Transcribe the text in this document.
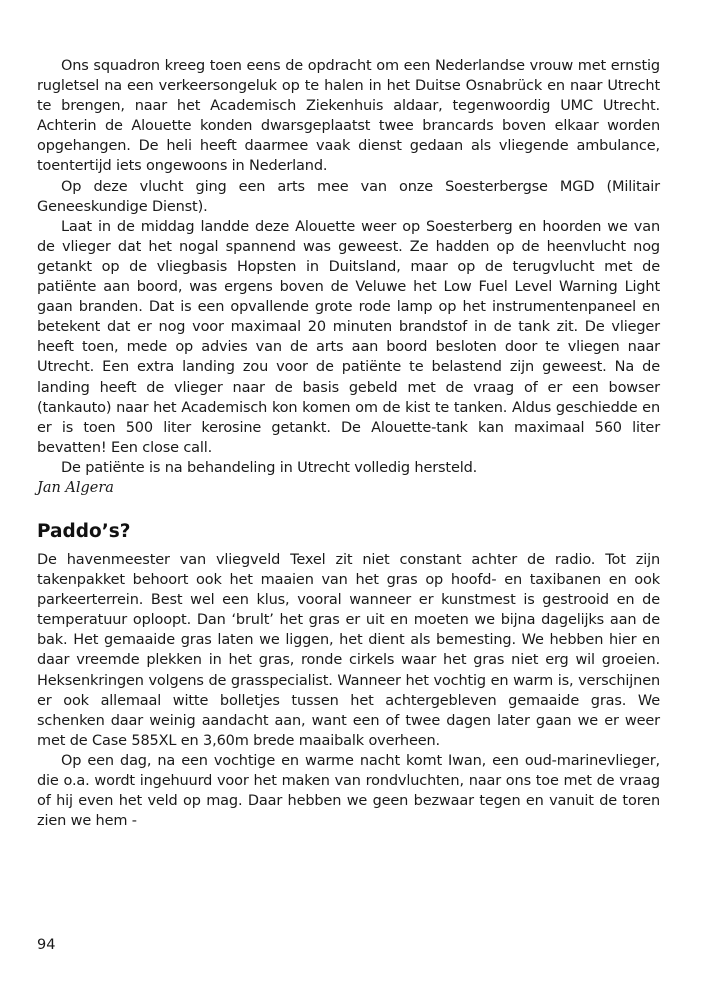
Ons squadron kreeg toen eens de opdracht om een Nederlandse vrouw met ernstig rugletsel na een verkeersongeluk op te halen in het Duitse Osnabrück en naar Utrecht te brengen, naar het Academisch Ziekenhuis aldaar, tegenwoordig UMC Utrecht. Achterin de Alouette konden dwarsgeplaatst twee brancards boven elkaar worden opgehangen. De heli heeft daarmee vaak dienst gedaan als vliegende ambulance, toentertijd iets ongewoons in Nederland.

Op deze vlucht ging een arts mee van onze Soesterbergse MGD (Militair Geneeskundige Dienst).

Laat in de middag landde deze Alouette weer op Soesterberg en hoorden we van de vlieger dat het nogal spannend was geweest. Ze hadden op de heenvlucht nog getankt op de vliegbasis Hopsten in Duitsland, maar op de terugvlucht met de patiënte aan boord, was ergens boven de Veluwe het Low Fuel Level Warning Light gaan branden. Dat is een opvallende grote rode lamp op het instrumentenpaneel en betekent dat er nog voor maximaal 20 minuten brandstof in de tank zit. De vlieger heeft toen, mede op advies van de arts aan boord besloten door te vliegen naar Utrecht. Een extra landing zou voor de patiënte te belastend zijn geweest. Na de landing heeft de vlieger naar de basis gebeld met de vraag of er een bowser (tankauto) naar het Academisch kon komen om de kist te tanken. Aldus geschiedde en er is toen 500 liter kerosine getankt. De Alouette-tank kan maximaal 560 liter bevatten! Een close call.

De patiënte is na behandeling in Utrecht volledig hersteld.

Jan Algera

Paddo’s?

De havenmeester van vliegveld Texel zit niet constant achter de radio. Tot zijn takenpakket behoort ook het maaien van het gras op hoofd- en taxibanen en ook parkeerterrein. Best wel een klus, vooral wanneer er kunstmest is gestrooid en de temperatuur oploopt. Dan ‘brult’ het gras er uit en moeten we bijna dagelijks aan de bak. Het gemaaide gras laten we liggen, het dient als bemesting. We hebben hier en daar vreemde plekken in het gras, ronde cirkels waar het gras niet erg wil groeien. Heksenkringen volgens de grasspecialist. Wanneer het vochtig en warm is, verschijnen er ook allemaal witte bolletjes tussen het achtergebleven gemaaide gras. We schenken daar weinig aandacht aan, want een of twee dagen later gaan we er weer met de Case 585XL en 3,60m brede maaibalk overheen.

Op een dag, na een vochtige en warme nacht komt Iwan, een oud-marinevlieger, die o.a. wordt ingehuurd voor het maken van rondvluchten, naar ons toe met de vraag of hij even het veld op mag. Daar hebben we geen bezwaar tegen en vanuit de toren zien we hem -

94
